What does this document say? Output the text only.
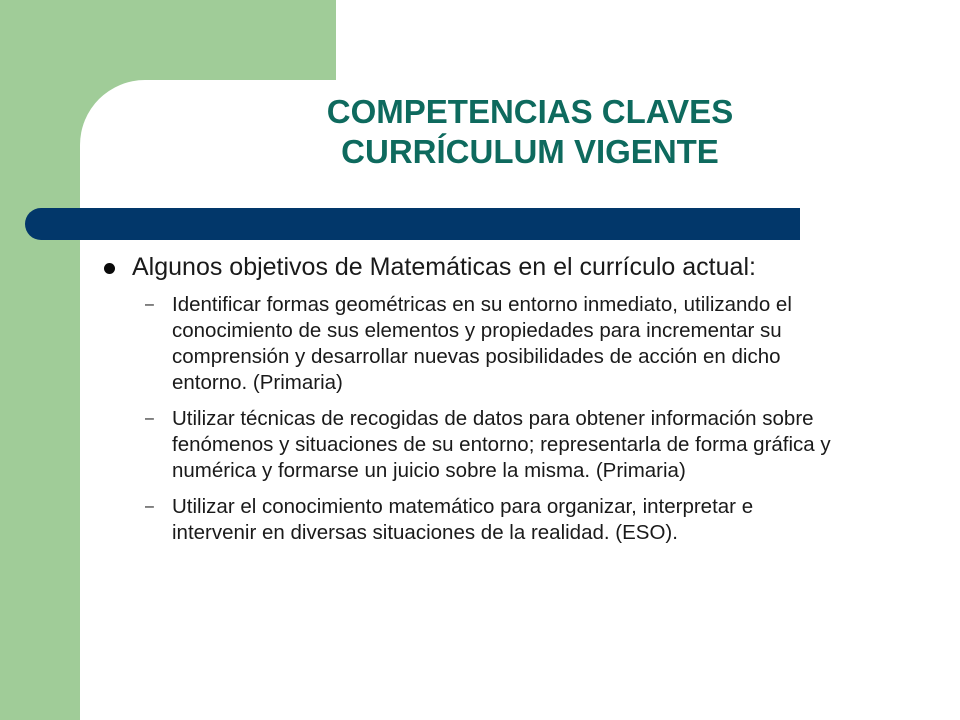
COMPETENCIAS CLAVES
CURRÍCULUM VIGENTE
Algunos objetivos de Matemáticas en el currículo actual:
– Identificar formas geométricas en su entorno inmediato, utilizando el conocimiento de sus elementos y propiedades para incrementar su comprensión y desarrollar nuevas posibilidades de acción en dicho entorno. (Primaria)
– Utilizar técnicas de recogidas de datos para obtener información sobre fenómenos y situaciones de su entorno; representarla de forma gráfica y numérica y formarse un juicio sobre la misma. (Primaria)
– Utilizar el conocimiento matemático para organizar, interpretar e intervenir en diversas situaciones de la realidad. (ESO).
